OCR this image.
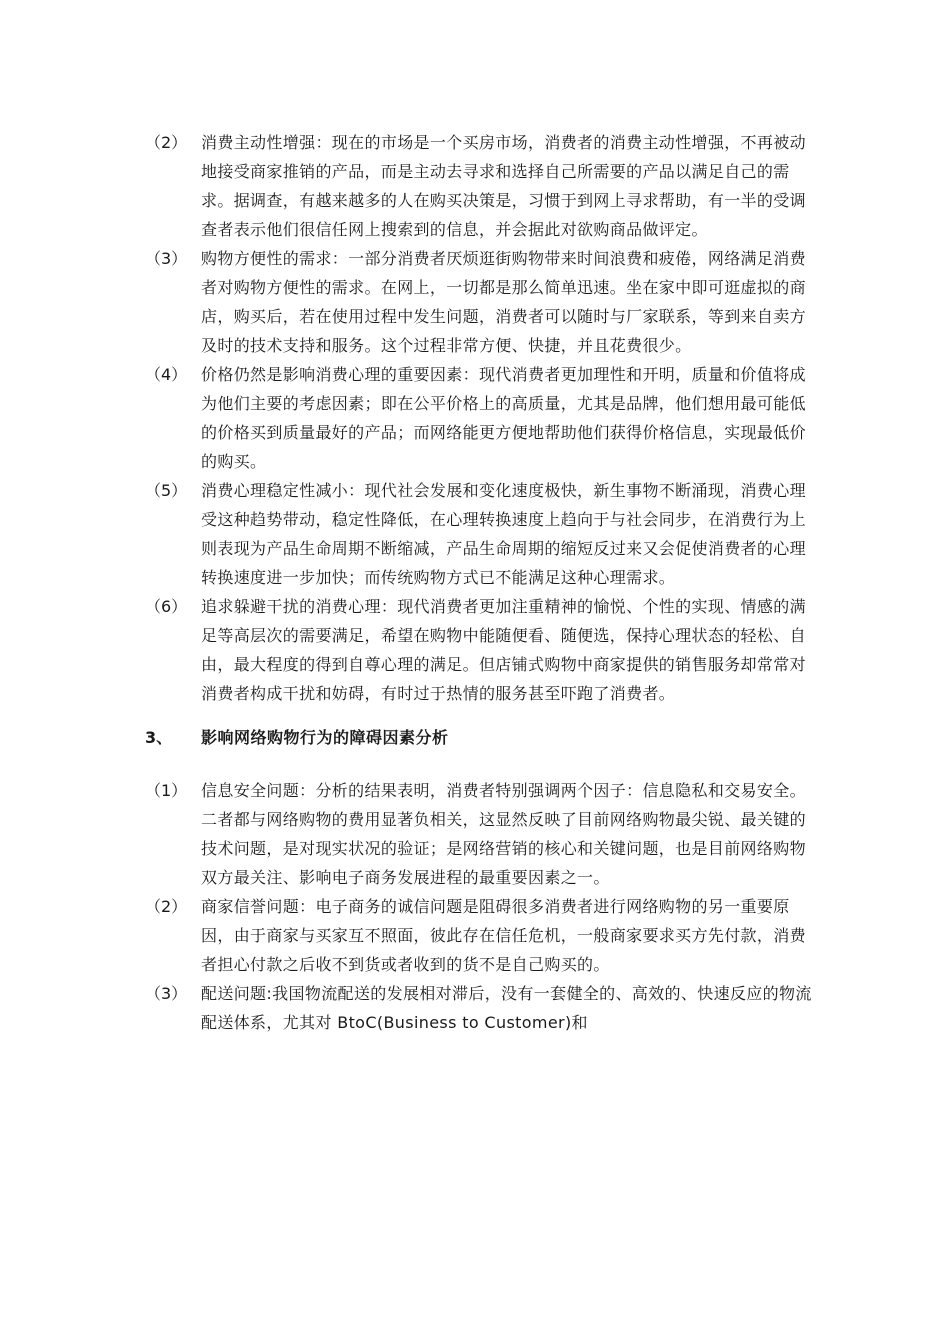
（2） 消费主动性增强：现在的市场是一个买房市场，消费者的消费主动性增强，不再被动地接受商家推销的产品，而是主动去寻求和选择自己所需要的产品以满足自己的需求。据调查，有越来越多的人在购买决策是，习惯于到网上寻求帮助，有一半的受调查者表示他们很信任网上搜索到的信息，并会据此对欲购商品做评定。
（3） 购物方便性的需求：一部分消费者厌烦逛街购物带来时间浪费和疲倦，网络满足消费者对购物方便性的需求。在网上，一切都是那么简单迅速。坐在家中即可逛虚拟的商店，购买后，若在使用过程中发生问题，消费者可以随时与厂家联系，等到来自卖方及时的技术支持和服务。这个过程非常方便、快捷，并且花费很少。
（4） 价格仍然是影响消费心理的重要因素：现代消费者更加理性和开明，质量和价值将成为他们主要的考虑因素；即在公平价格上的高质量，尤其是品牌，他们想用最可能低的价格买到质量最好的产品；而网络能更方便地帮助他们获得价格信息，实现最低价的购买。
（5） 消费心理稳定性减小：现代社会发展和变化速度极快，新生事物不断涌现，消费心理受这种趋势带动，稳定性降低，在心理转换速度上趋向于与社会同步，在消费行为上则表现为产品生命周期不断缩减，产品生命周期的缩短反过来又会促使消费者的心理转换速度进一步加快；而传统购物方式已不能满足这种心理需求。
（6） 追求躲避干扰的消费心理：现代消费者更加注重精神的愉悦、个性的实现、情感的满足等高层次的需要满足，希望在购物中能随便看、随便选，保持心理状态的轻松、自由，最大程度的得到自尊心理的满足。但店铺式购物中商家提供的销售服务却常常对消费者构成干扰和妨碍，有时过于热情的服务甚至吓跑了消费者。
3、	影响网络购物行为的障碍因素分析
（1） 信息安全问题：分析的结果表明，消费者特别强调两个因子：信息隐私和交易安全。二者都与网络购物的费用显著负相关，这显然反映了目前网络购物最尖锐、最关键的技术问题，是对现实状况的验证；是网络营销的核心和关键问题，也是目前网络购物双方最关注、影响电子商务发展进程的最重要因素之一。
（2） 商家信誉问题：电子商务的诚信问题是阻碍很多消费者进行网络购物的另一重要原因，由于商家与买家互不照面，彼此存在信任危机，一般商家要求买方先付款，消费者担心付款之后收不到货或者收到的货不是自己购买的。
（3） 配送问题:我国物流配送的发展相对滞后，没有一套健全的、高效的、快速反应的物流配送体系，尤其对 BtoC(Business to Customer)和
